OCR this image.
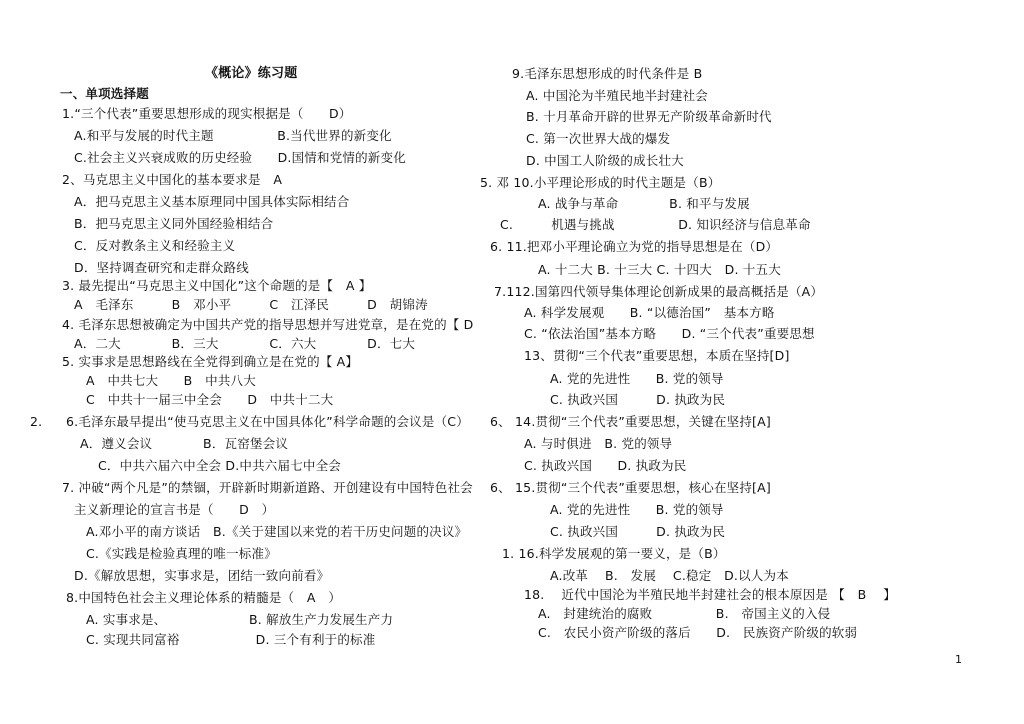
《概论》练习题
一、单项选择题
1.“三个代表”重要思想形成的现实根据是（　　D）
A.和平与发展的时代主题　　　　　B.当代世界的新变化
C.社会主义兴衰成败的历史经验　　D.国情和党情的新变化
2、马克思主义中国化的基本要求是　A
A．把马克思主义基本原理同中国具体实际相结合
B．把马克思主义同外国经验相结合
C．反对教条主义和经验主义
D．坚持调查研究和走群众路线
3. 最先提出“马克思主义中国化”这个命题的是【　A 】
A　毛泽东　　　B　邓小平　　　C　江泽民　　　D　胡锦涛
4. 毛泽东思想被确定为中国共产党的指导思想并写进党章，是在党的【 D
A．二大　　　　B．三大　　　　C．六大　　　　D．七大
5. 实事求是思想路线在全党得到确立是在党的【 A】
A　中共七大　　B　中共八大
C　中共十一届三中全会　　D　中共十二大
2. 6.毛泽东最早提出“使马克思主义在中国具体化”科学命题的会议是（C）
A．遵义会议　　　　B．瓦窑堡会议
C．中共六届六中全会 D.中共六届七中全会
7. 冲破“两个凡是”的禁锢，开辟新时期新道路、开创建设有中国特色社会
主义新理论的宣言书是（　　D　）
A.邓小平的南方谈话　B.《关于建国以来党的若干历史问题的决议》
C.《实践是检验真理的唯一标准》
D.《解放思想，实事求是，团结一致向前看》
8.中国特色社会主义理论体系的精髓是（　A　）
A. 实事求是、　　　　　　　B. 解放生产力发展生产力
C. 实现共同富裕　　　　　　D. 三个有利于的标准
9.毛泽东思想形成的时代条件是 B
A. 中国沦为半殖民地半封建社会
B. 十月革命开辟的世界无产阶级革命新时代
C. 第一次世界大战的爆发
D. 中国工人阶级的成长壮大
5. 邓 10.小平理论形成的时代主题是（B）
A. 战争与革命　　　　B. 和平与发展
C.　　　机遇与挑战　　　　　D. 知识经济与信息革命
6. 11.把邓小平理论确立为党的指导思想是在（D）
A. 十二大 B. 十三大 C. 十四大　D. 十五大
7.112.国第四代领导集体理论创新成果的最高概括是（A）
A. 科学发展观　　B. “以德治国”　基本方略
C. “依法治国”基本方略　　D. “三个代表”重要思想
13、贯彻“三个代表”重要思想，本质在坚持[D]
A. 党的先进性　　B. 党的领导
C. 执政兴国　　　D. 执政为民
6、 14.贯彻“三个代表”重要思想，关键在坚持[A]
A. 与时俱进　B. 党的领导
C. 执政兴国　　D. 执政为民
6、 15.贯彻“三个代表”重要思想，核心在坚持[A]
A. 党的先进性　　B. 党的领导
C. 执政兴国　　　D. 执政为民
1. 16.科学发展观的第一要义，是（B）
A.改革　 B.　发展　 C.稳定　D.以人为本
18.　 近代中国沦为半殖民地半封建社会的根本原因是 【　B　 】
A.　封建统治的腐败　　　　　B.　帝国主义的入侵
C.　农民小资产阶级的落后　　D.　民族资产阶级的软弱
1
